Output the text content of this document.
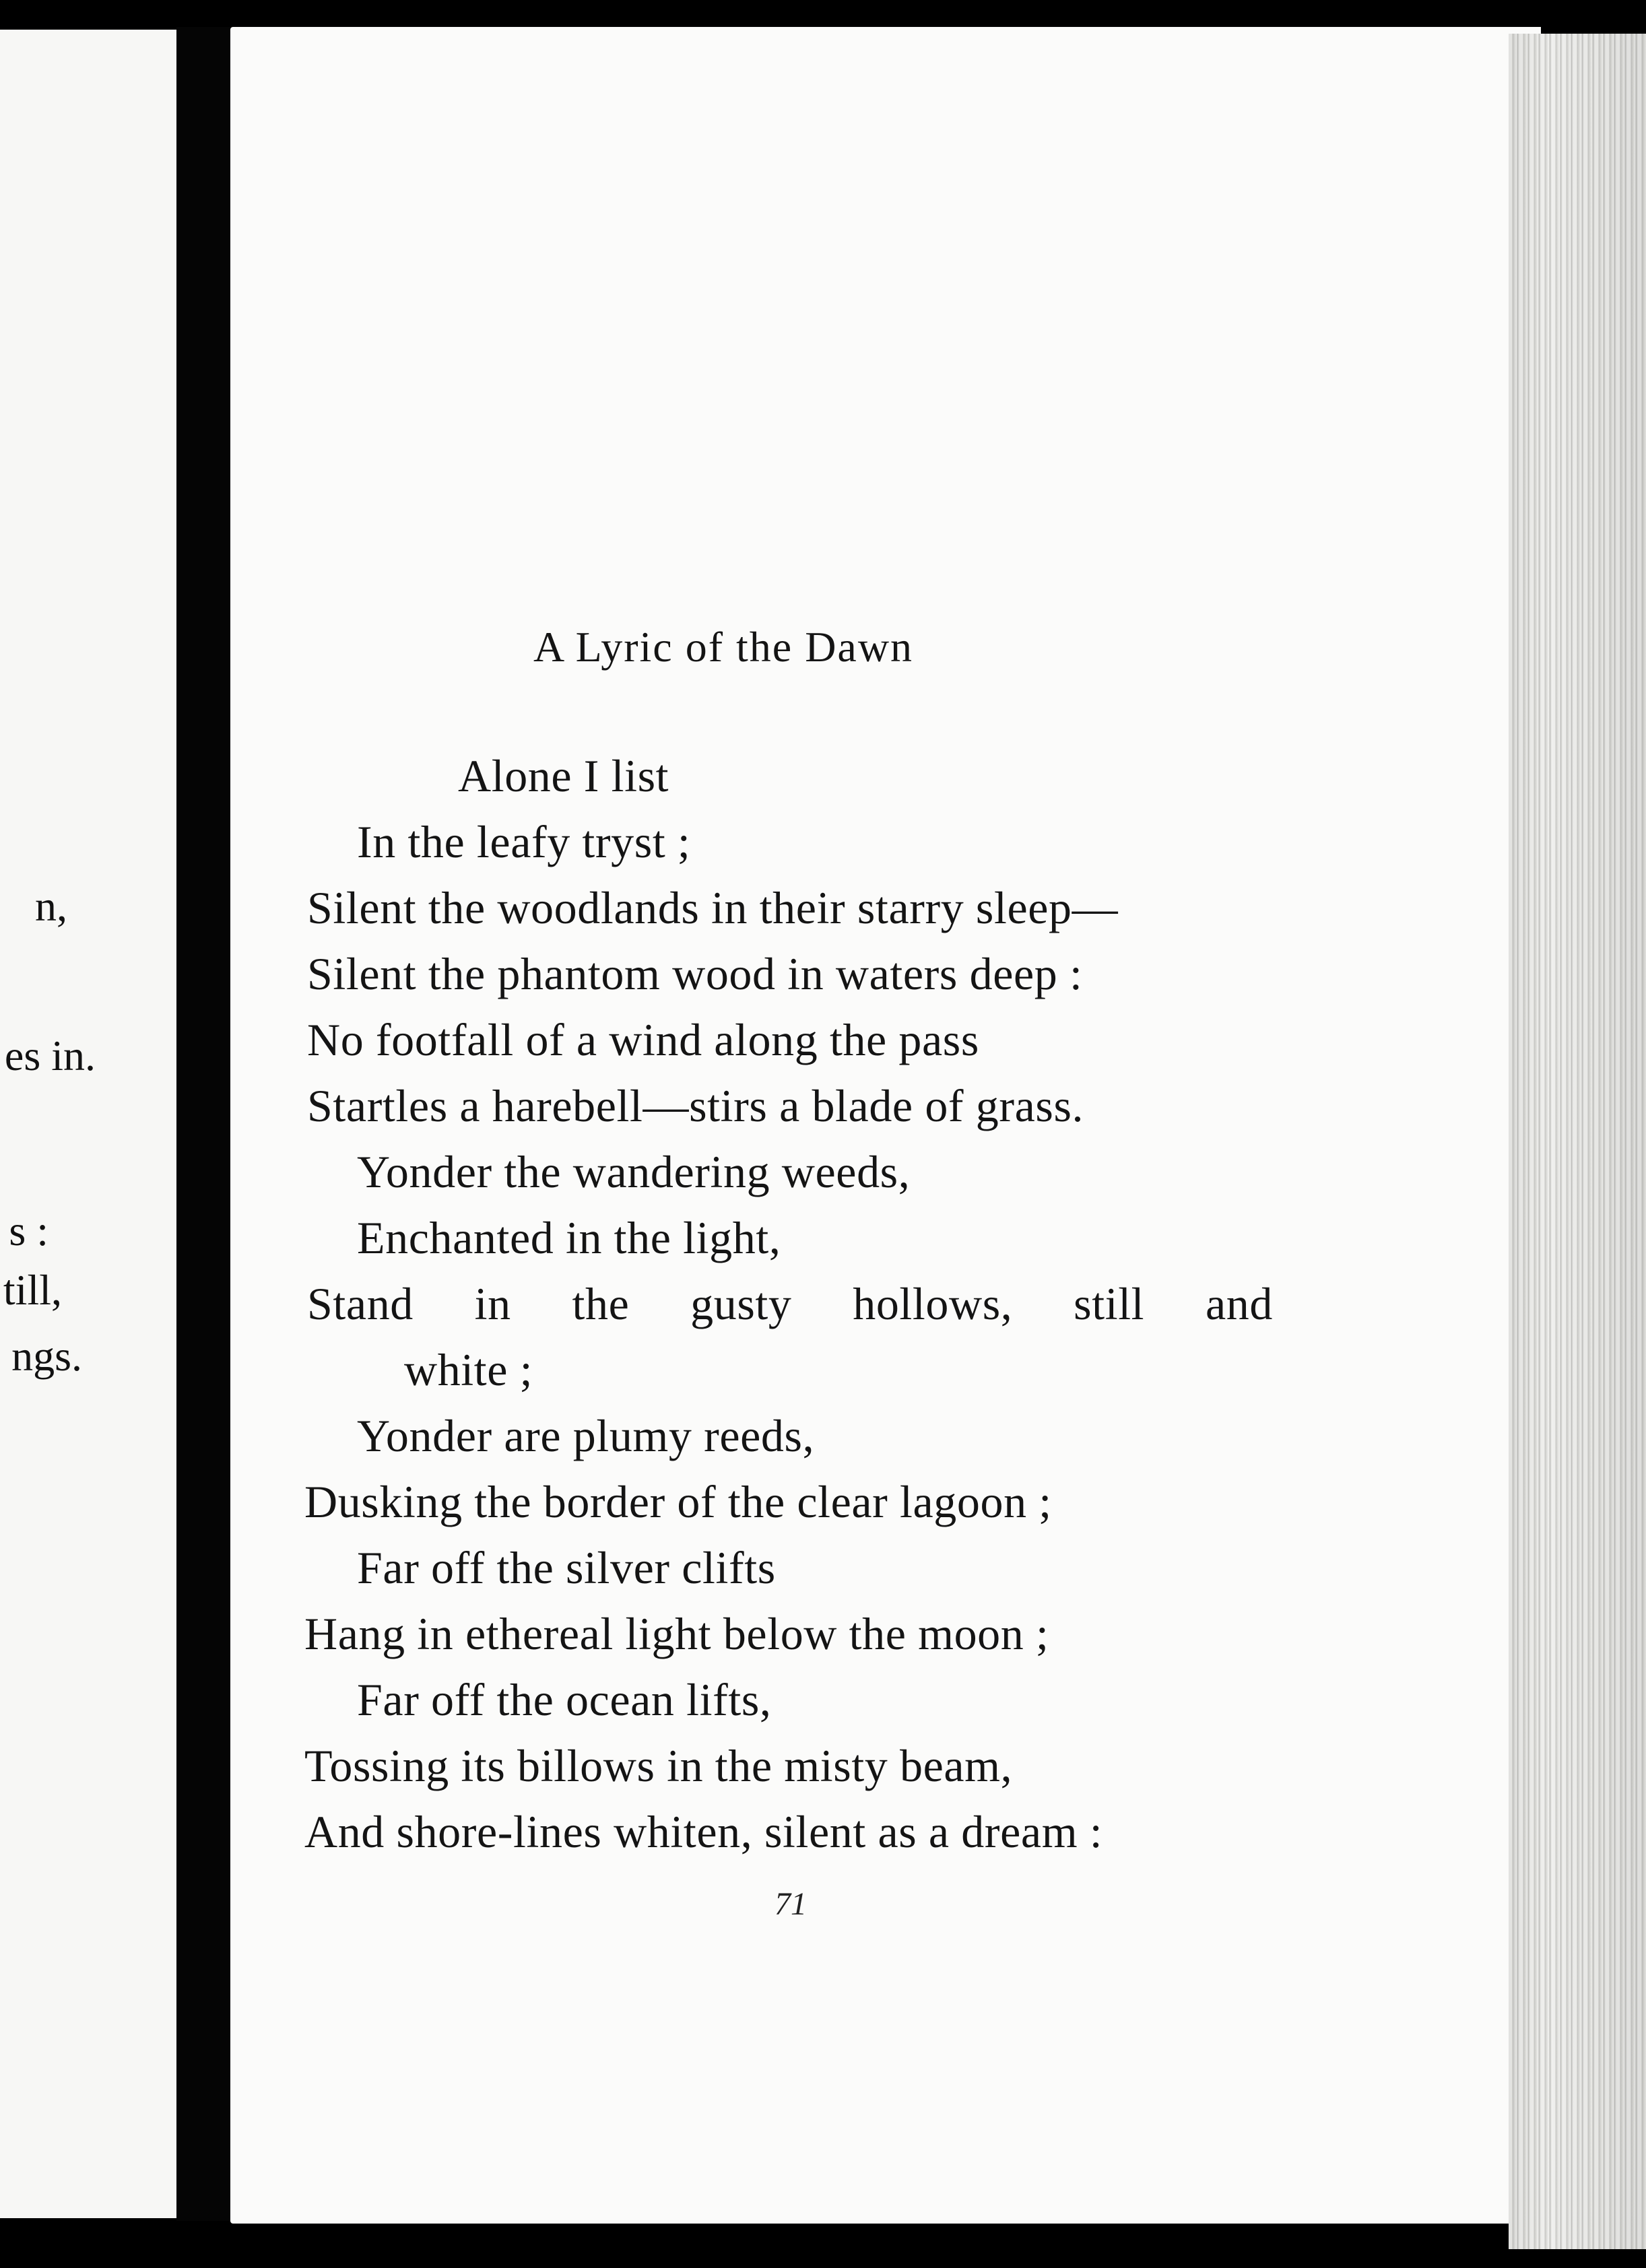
n,
es in.
s :
till,
ngs.
A Lyric of the Dawn
Alone I list
In the leafy tryst ;
Silent the woodlands in their starry sleep—
Silent the phantom wood in waters deep :
No footfall of a wind along the pass
Startles a harebell—stirs a blade of grass.
Yonder the wandering weeds,
Enchanted in the light,
Stand in the gusty hollows, still and
white ;
Yonder are plumy reeds,
Dusking the border of the clear lagoon ;
Far off the silver clifts
Hang in ethereal light below the moon ;
Far off the ocean lifts,
Tossing its billows in the misty beam,
And shore-lines whiten, silent as a dream :
71
